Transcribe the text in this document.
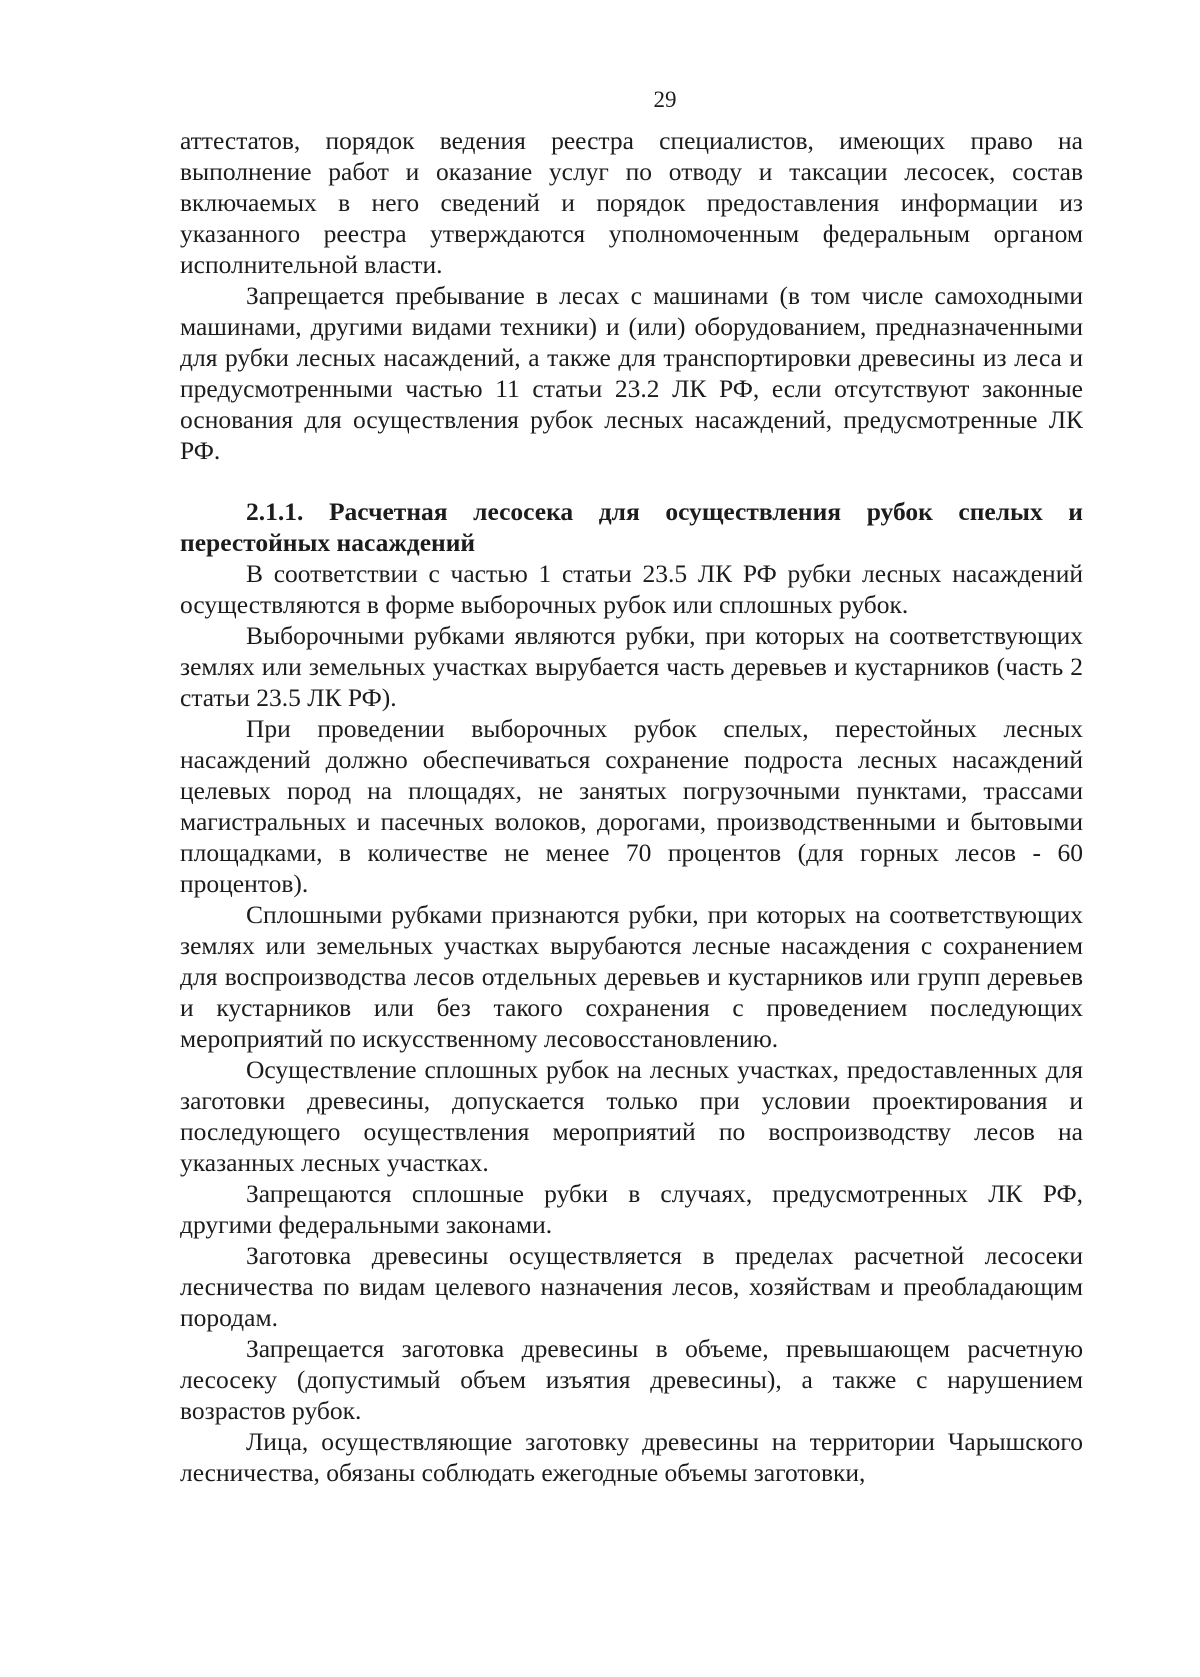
29

аттестатов, порядок ведения реестра специалистов, имеющих право на выполнение работ и оказание услуг по отводу и таксации лесосек, состав включаемых в него сведений и порядок предоставления информации из указанного реестра утверждаются уполномоченным федеральным органом исполнительной власти.

Запрещается пребывание в лесах с машинами (в том числе самоходными машинами, другими видами техники) и (или) оборудованием, предназначенными для рубки лесных насаждений, а также для транспортировки древесины из леса и предусмотренными частью 11 статьи 23.2 ЛК РФ, если отсутствуют законные основания для осуществления рубок лесных насаждений, предусмотренные ЛК РФ.

2.1.1. Расчетная лесосека для осуществления рубок спелых и перестойных насаждений

В соответствии с частью 1 статьи 23.5 ЛК РФ рубки лесных насаждений осуществляются в форме выборочных рубок или сплошных рубок.

Выборочными рубками являются рубки, при которых на соответствующих землях или земельных участках вырубается часть деревьев и кустарников (часть 2 статьи 23.5 ЛК РФ).

При проведении выборочных рубок спелых, перестойных лесных насаждений должно обеспечиваться сохранение подроста лесных насаждений целевых пород на площадях, не занятых погрузочными пунктами, трассами магистральных и пасечных волоков, дорогами, производственными и бытовыми площадками, в количестве не менее 70 процентов (для горных лесов - 60 процентов).

Сплошными рубками признаются рубки, при которых на соответствующих землях или земельных участках вырубаются лесные насаждения с сохранением для воспроизводства лесов отдельных деревьев и кустарников или групп деревьев и кустарников или без такого сохранения с проведением последующих мероприятий по искусственному лесовосстановлению.

Осуществление сплошных рубок на лесных участках, предоставленных для заготовки древесины, допускается только при условии проектирования и последующего осуществления мероприятий по воспроизводству лесов на указанных лесных участках.

Запрещаются сплошные рубки в случаях, предусмотренных ЛК РФ, другими федеральными законами.

Заготовка древесины осуществляется в пределах расчетной лесосеки лесничества по видам целевого назначения лесов, хозяйствам и преобладающим породам.

Запрещается заготовка древесины в объеме, превышающем расчетную лесосеку (допустимый объем изъятия древесины), а также с нарушением возрастов рубок.

Лица, осуществляющие заготовку древесины на территории Чарышского лесничества, обязаны соблюдать ежегодные объемы заготовки,
